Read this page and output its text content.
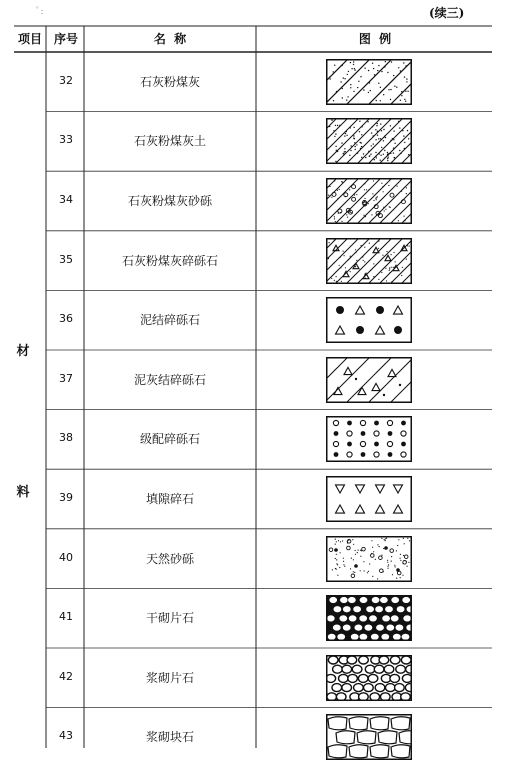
ﾟ:	(续三)
项目 序号	名  称	图  例
材
料
32	石灰粉煤灰
33	石灰粉煤灰土
34	石灰粉煤灰砂砾
35	石灰粉煤灰碎砾石
36	泥结碎砾石
37	泥灰结碎砾石
38	级配碎砾石
39	填隙碎石
40	天然砂砾
41	干砌片石
42	浆砌片石
43	浆砌块石
